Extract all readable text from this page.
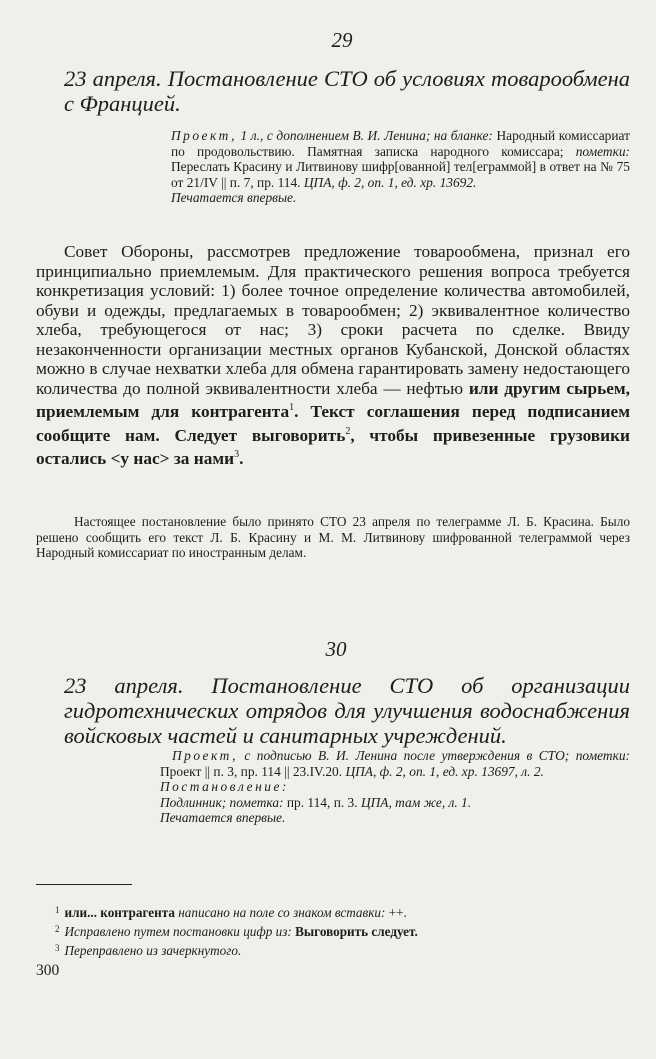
29
23 апреля. Постановление СТО об условиях товарообмена с Францией.

Проект, 1 л., с дополнением В. И. Ленина; на бланке: Народный комиссариат по продовольствию. Памятная записка народного комиссара; пометки: Переслать Красину и Литвинову шифр[ованной] тел[еграммой] в ответ на № 75 от 21/IV || п. 7, пр. 114. ЦПА, ф. 2, оп. 1, ед. хр. 13692.

Печатается впервые.

Совет Обороны, рассмотрев предложение товарообмена, признал его принципиально приемлемым. Для практического решения вопроса требуется конкретизация условий: 1) более точное определение количества автомобилей, обуви и одежды, предлагаемых в товарообмен; 2) эквивалентное количество хлеба, требующегося от нас; 3) сроки расчета по сделке. Ввиду незаконченности организации местных органов Кубанской, Донской областях можно в случае нехватки хлеба для обмена гарантировать замену недостающего количества до полной эквивалентности хлеба — нефтью или другим сырьем, приемлемым для контрагента$^1$. Текст соглашения перед подписанием сообщите нам. Следует выговорить$^2$, чтобы привезенные грузовики остались <у нас> за нами$^3$.

Настоящее постановление было принято СТО 23 апреля по телеграмме Л. Б. Красина. Было решено сообщить его текст Л. Б. Красину и М. М. Литвинову шифрованной телеграммой через Народный комиссариат по иностранным делам.

30
23 апреля. Постановление СТО об организации гидротехнических отрядов для улучшения водоснабжения войсковых частей и санитарных учреждений.

Проект, с подписью В. И. Ленина после утверждения в СТО; пометки: Проект || п. 3, пр. 114 || 23.IV.20. ЦПА, ф. 2, оп. 1, ед. хр. 13697, л. 2.

Постановление:

Подлинник; пометка: пр. 114, п. 3. ЦПА, там же, л. 1.

Печатается впервые.

$^1$ или... контрагента написано на поле со знаком вставки: ++.
$^2$ Исправлено путем постановки цифр из: Выговорить следует.
$^3$ Переправлено из зачеркнутого.
300
